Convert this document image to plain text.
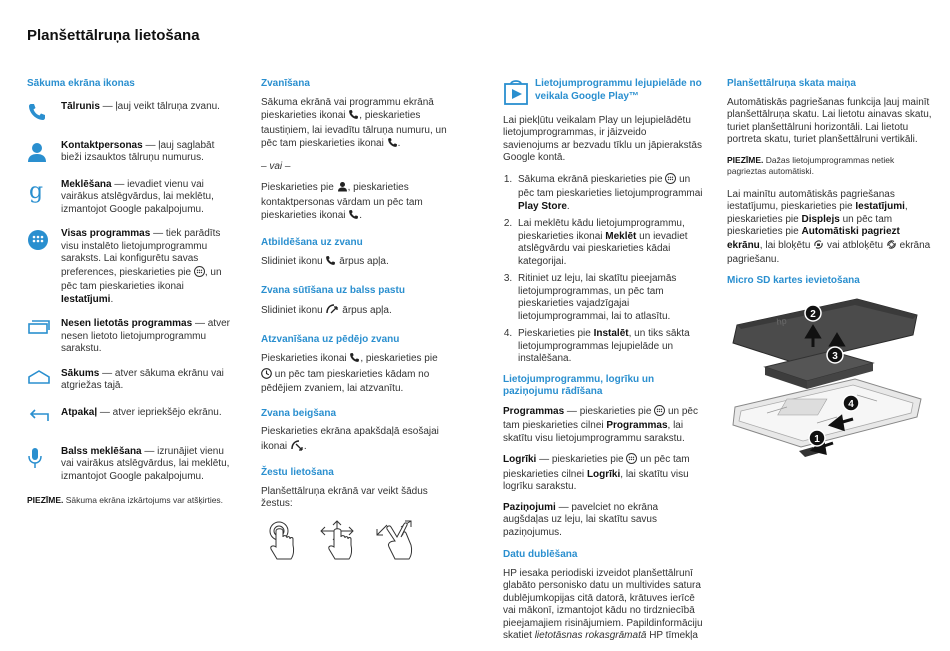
Planšettālruņa lietošana
Sākuma ekrāna ikonas
Tālrunis — ļauj veikt tālruņa zvanu.
Kontaktpersonas — ļauj saglabāt bieži izsauktos tālruņu numurus.
g Meklēšana — ievadiet vienu vai vairākus atslēgvārdus, lai meklētu, izmantojot Google pakalpojumu.
Visas programmas — tiek parādīts visu instalēto lietojumprogrammu saraksts. Lai konfigurētu savas preferences, pieskarieties pie , un pēc tam pieskarieties ikonai Iestatījumi.
Nesen lietotās programmas — atver nesen lietoto lietojumprogrammu sarakstu.
Sākums — atver sākuma ekrānu vai atgriežas tajā.
Atpakaļ — atver iepriekšējo ekrānu.
Balss meklēšana — izrunājiet vienu vai vairākus atslēgvārdus, lai meklētu, izmantojot Google pakalpojumu.

PIEZĪME. Sākuma ekrāna izkārtojums var atšķirties.

Zvanīšana

Sākuma ekrānā vai programmu ekrānā pieskarieties ikonai , pieskarieties taustiņiem, lai ievadītu tālruņa numuru, un pēc tam pieskarieties ikonai .

– vai –

Pieskarieties pie , pieskarieties kontaktpersonas vārdam un pēc tam pieskarieties ikonai .

Atbildēšana uz zvanu

Slidiniet ikonu  ārpus apļa.

Zvana sūtīšana uz balss pastu

Slidiniet ikonu  ārpus apļa.

Atzvanīšana uz pēdējo zvanu

Pieskarieties ikonai , pieskarieties pie  un pēc tam pieskarieties kādam no pēdējiem zvaniem, lai atzvanītu.

Zvana beigšana

Pieskarieties ekrāna apakšdaļā esošajai ikonai .

Žestu lietošana

Planšettālruņa ekrānā var veikt šādus žestus:

Lietojumprogrammu lejupielāde no veikala Google Play™

Lai piekļūtu veikalam Play un lejupielādētu lietojumprogrammas, ir jāizveido savienojums ar bezvadu tīklu un jāpierakstās Google kontā.

1. Sākuma ekrānā pieskarieties pie  un pēc tam pieskarieties lietojumprogrammai Play Store.
2. Lai meklētu kādu lietojumprogrammu, pieskarieties ikonai Meklēt un ievadiet atslēgvārdu vai pieskarieties kādai kategorijai.
3. Ritiniet uz leju, lai skatītu pieejamās lietojumprogrammas, un pēc tam pieskarieties vajadzīgajai lietojumprogrammai, lai to atlasītu.
4. Pieskarieties pie Instalēt, un tiks sākta lietojumprogrammas lejupielāde un instalēšana.
Lietojumprogrammu, logrīku un paziņojumu rādīšana

Programmas — pieskarieties pie  un pēc tam pieskarieties cilnei Programmas, lai skatītu visu lietojumprogrammu sarakstu.

Logrīki — pieskarieties pie  un pēc tam pieskarieties cilnei Logrīki, lai skatītu visu logrīku sarakstu.

Paziņojumi — pavelciet no ekrāna augšdaļas uz leju, lai skatītu savus paziņojumus.

Datu dublēšana

HP iesaka periodiski izveidot planšettālrunī glabāto personisko datu un multivides satura dublējumkopijas citā datorā, krātuves ierīcē vai mākonī, izmantojot kādu no tirdzniecībā pieejamajiem risinājumiem. Papildinformāciju skatiet lietotāsnas rokasgrāmatā HP tīmekļa

Planšettālruņa skata maiņa

Automātiskās pagriešanas funkcija ļauj mainīt planšettālruņa skatu. Lai lietotu ainavas skatu, turiet planšettālruni horizontāli. Lai lietotu portreta skatu, turiet planšettālruni vertikāli.

PIEZĪME. Dažas lietojumprogrammas netiek pagrieztas automātiski.

Lai mainītu automātiskās pagriešanas iestatījumu, pieskarieties pie Iestatījumi, pieskarieties pie Displejs un pēc tam pieskarieties pie Automātiski pagriezt ekrānu, lai bloķētu  vai atbloķētu  ekrāna pagriešanu.

Micro SD kartes ievietošana
hp
2
3
4
1
